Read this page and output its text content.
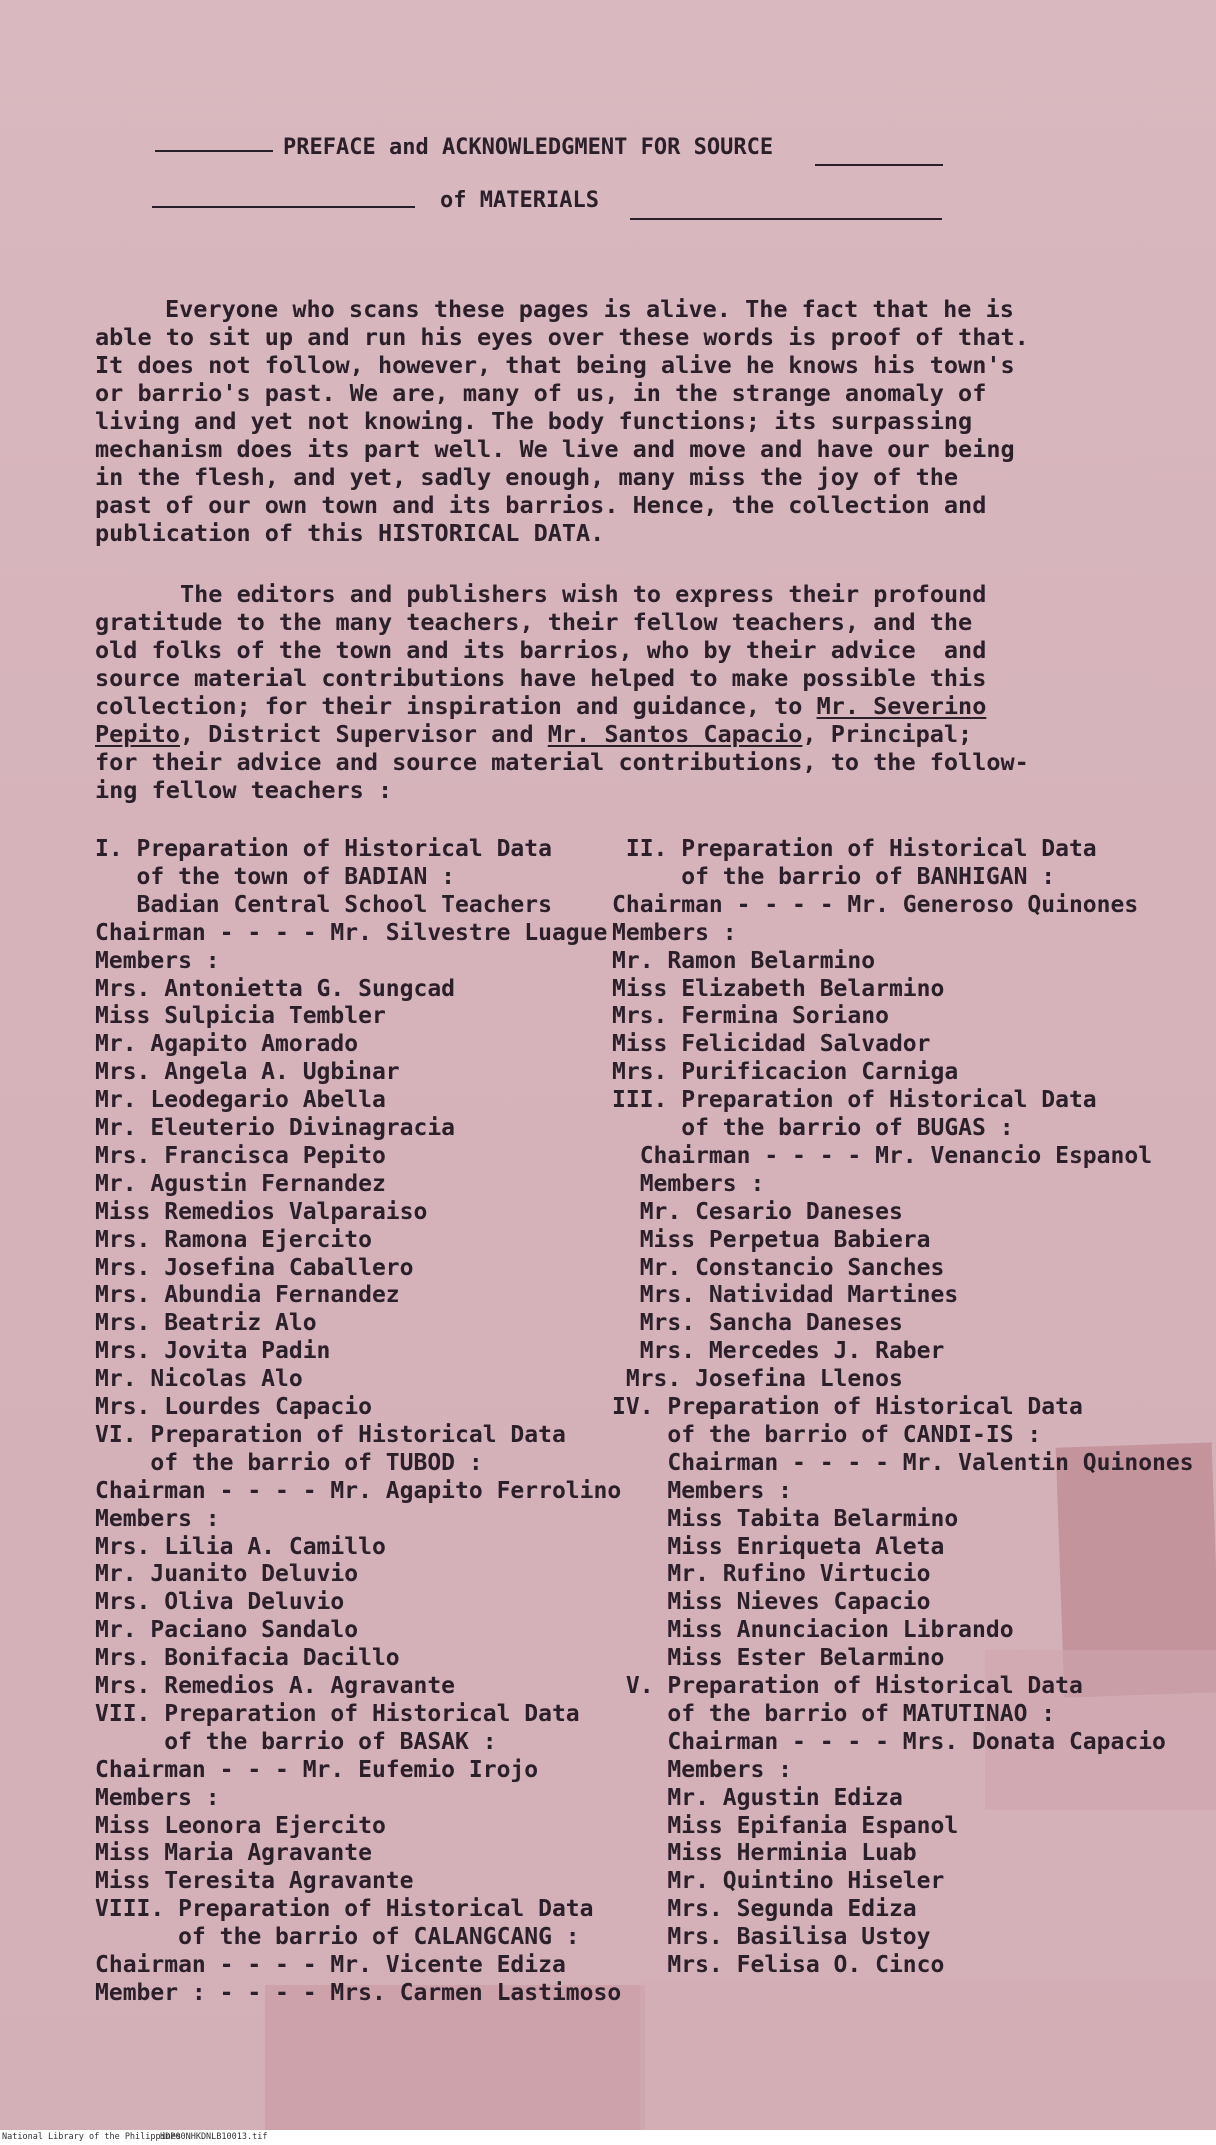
PREFACE and ACKNOWLEDGMENT FOR SOURCE
of MATERIALS
Everyone who scans these pages is alive. The fact that he is
able to sit up and run his eyes over these words is proof of that.
It does not follow, however, that being alive he knows his town's
or barrio's past. We are, many of us, in the strange anomaly of
living and yet not knowing. The body functions; its surpassing
mechanism does its part well. We live and move and have our being
in the flesh, and yet, sadly enough, many miss the joy of the
past of our own town and its barrios. Hence, the collection and
publication of this HISTORICAL DATA.
The editors and publishers wish to express their profound
gratitude to the many teachers, their fellow teachers, and the
old folks of the town and its barrios, who by their advice  and
source material contributions have helped to make possible this
collection; for their inspiration and guidance, to Mr. Severino
Pepito, District Supervisor and Mr. Santos Capacio, Principal;
for their advice and source material contributions, to the follow-
ing fellow teachers :
I. Preparation of Historical Data
of the town of BADIAN :
Badian Central School Teachers
Chairman - - - - Mr. Silvestre Luague
Members :
Mrs. Antonietta G. Sungcad
Miss Sulpicia Tembler
Mr. Agapito Amorado
Mrs. Angela A. Ugbinar
Mr. Leodegario Abella
Mr. Eleuterio Divinagracia
Mrs. Francisca Pepito
Mr. Agustin Fernandez
Miss Remedios Valparaiso
Mrs. Ramona Ejercito
Mrs. Josefina Caballero
Mrs. Abundia Fernandez
Mrs. Beatriz Alo
Mrs. Jovita Padin
Mr. Nicolas Alo
Mrs. Lourdes Capacio
VI. Preparation of Historical Data
of the barrio of TUBOD :
Chairman - - - - Mr. Agapito Ferrolino
Members :
Mrs. Lilia A. Camillo
Mr. Juanito Deluvio
Mrs. Oliva Deluvio
Mr. Paciano Sandalo
Mrs. Bonifacia Dacillo
Mrs. Remedios A. Agravante
VII. Preparation of Historical Data
of the barrio of BASAK :
Chairman - - - Mr. Eufemio Irojo
Members :
Miss Leonora Ejercito
Miss Maria Agravante
Miss Teresita Agravante
VIII. Preparation of Historical Data
of the barrio of CALANGCANG :
Chairman - - - - Mr. Vicente Ediza
Member : - - - - Mrs. Carmen Lastimoso
II. Preparation of Historical Data
of the barrio of BANHIGAN :
Chairman - - - - Mr. Generoso Quinones
Members :
Mr. Ramon Belarmino
Miss Elizabeth Belarmino
Mrs. Fermina Soriano
Miss Felicidad Salvador
Mrs. Purificacion Carniga
III. Preparation of Historical Data
of the barrio of BUGAS :
Chairman - - - - Mr. Venancio Espanol
Members :
Mr. Cesario Daneses
Miss Perpetua Babiera
Mr. Constancio Sanches
Mrs. Natividad Martines
Mrs. Sancha Daneses
Mrs. Mercedes J. Raber
Mrs. Josefina Llenos
IV. Preparation of Historical Data
of the barrio of CANDI-IS :
Chairman - - - - Mr. Valentin Quinones
Members :
Miss Tabita Belarmino
Miss Enriqueta Aleta
Mr. Rufino Virtucio
Miss Nieves Capacio
Miss Anunciacion Librando
Miss Ester Belarmino
V. Preparation of Historical Data
of the barrio of MATUTINAO :
Chairman - - - - Mrs. Donata Capacio
Members :
Mr. Agustin Ediza
Miss Epifania Espanol
Miss Herminia Luab
Mr. Quintino Hiseler
Mrs. Segunda Ediza
Mrs. Basilisa Ustoy
Mrs. Felisa O. Cinco
National Library of the Philippines
HDP00NHKDNLB10013.tif
